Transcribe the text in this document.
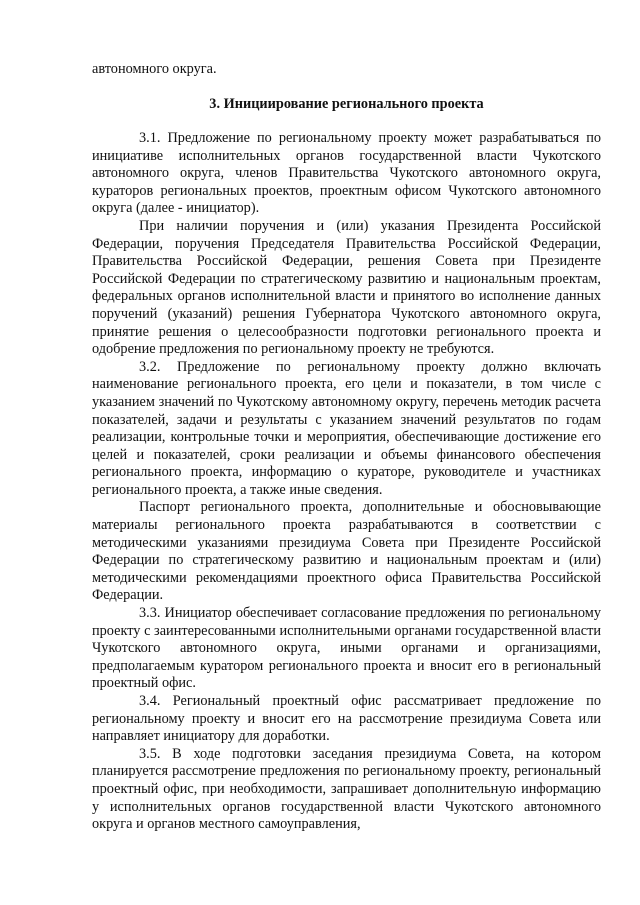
автономного округа.
3. Инициирование регионального проекта

3.1. Предложение по региональному проекту может разрабатываться по инициативе исполнительных органов государственной власти Чукотского автономного округа, членов Правительства Чукотского автономного округа, кураторов региональных проектов, проектным офисом Чукотского автономного округа (далее - инициатор).

При наличии поручения и (или) указания Президента Российской Федерации, поручения Председателя Правительства Российской Федерации, Правительства Российской Федерации, решения Совета при Президенте Российской Федерации по стратегическому развитию и национальным проектам, федеральных органов исполнительной власти и принятого во исполнение данных поручений (указаний) решения Губернатора Чукотского автономного округа, принятие решения о целесообразности подготовки регионального проекта и одобрение предложения по региональному проекту не требуются.

3.2. Предложение по региональному проекту должно включать наименование регионального проекта, его цели и показатели, в том числе с указанием значений по Чукотскому автономному округу, перечень методик расчета показателей, задачи и результаты с указанием значений результатов по годам реализации, контрольные точки и мероприятия, обеспечивающие достижение его целей и показателей, сроки реализации и объемы финансового обеспечения регионального проекта, информацию о кураторе, руководителе и участниках регионального проекта, а также иные сведения.

Паспорт регионального проекта, дополнительные и обосновывающие материалы регионального проекта разрабатываются в соответствии с методическими указаниями президиума Совета при Президенте Российской Федерации по стратегическому развитию и национальным проектам и (или) методическими рекомендациями проектного офиса Правительства Российской Федерации.

3.3. Инициатор обеспечивает согласование предложения по региональному проекту с заинтересованными исполнительными органами государственной власти Чукотского автономного округа, иными органами и организациями, предполагаемым куратором регионального проекта и вносит его в региональный проектный офис.

3.4. Региональный проектный офис рассматривает предложение по региональному проекту и вносит его на рассмотрение президиума Совета или направляет инициатору для доработки.

3.5. В ходе подготовки заседания президиума Совета, на котором планируется рассмотрение предложения по региональному проекту, региональный проектный офис, при необходимости, запрашивает дополнительную информацию у исполнительных органов государственной власти Чукотского автономного округа и органов местного самоуправления,
